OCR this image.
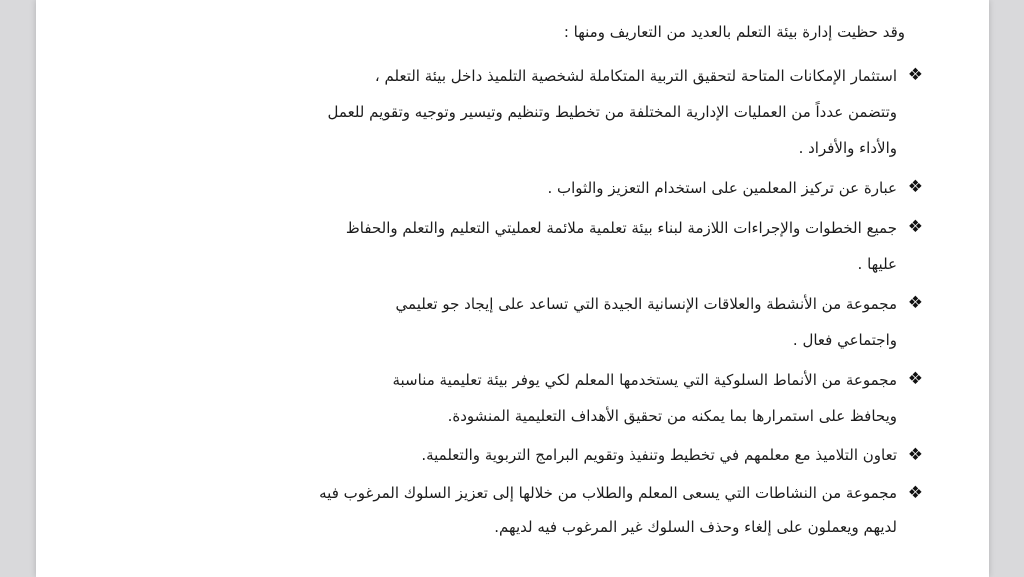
وقد حظيت إدارة بيئة التعلم بالعديد من التعاريف ومنها :
❖
استثمار الإمكانات المتاحة لتحقيق التربية المتكاملة لشخصية التلميذ داخل بيئة التعلم ،
وتتضمن عدداً من العمليات الإدارية المختلفة من تخطيط وتنظيم وتيسير وتوجيه وتقويم للعمل
والأداء والأفراد .
❖
عبارة عن تركيز المعلمين على استخدام التعزيز والثواب .
❖
جميع الخطوات والإجراءات اللازمة لبناء بيئة تعلمية ملائمة لعمليتي التعليم والتعلم والحفاظ
عليها .
❖
مجموعة من الأنشطة والعلاقات الإنسانية الجيدة التي تساعد على إيجاد جو تعليمي
واجتماعي فعال .
❖
مجموعة من الأنماط السلوكية التي يستخدمها المعلم لكي يوفر بيئة تعليمية مناسبة
ويحافظ على استمرارها بما يمكنه من تحقيق الأهداف التعليمية المنشودة.
❖
تعاون التلاميذ مع معلمهم في تخطيط وتنفيذ وتقويم البرامج التربوية والتعلمية.
❖
مجموعة من النشاطات التي يسعى المعلم والطلاب من خلالها إلى تعزيز السلوك المرغوب فيه
لديهم ويعملون على إلغاء وحذف السلوك غير المرغوب فيه لديهم.
